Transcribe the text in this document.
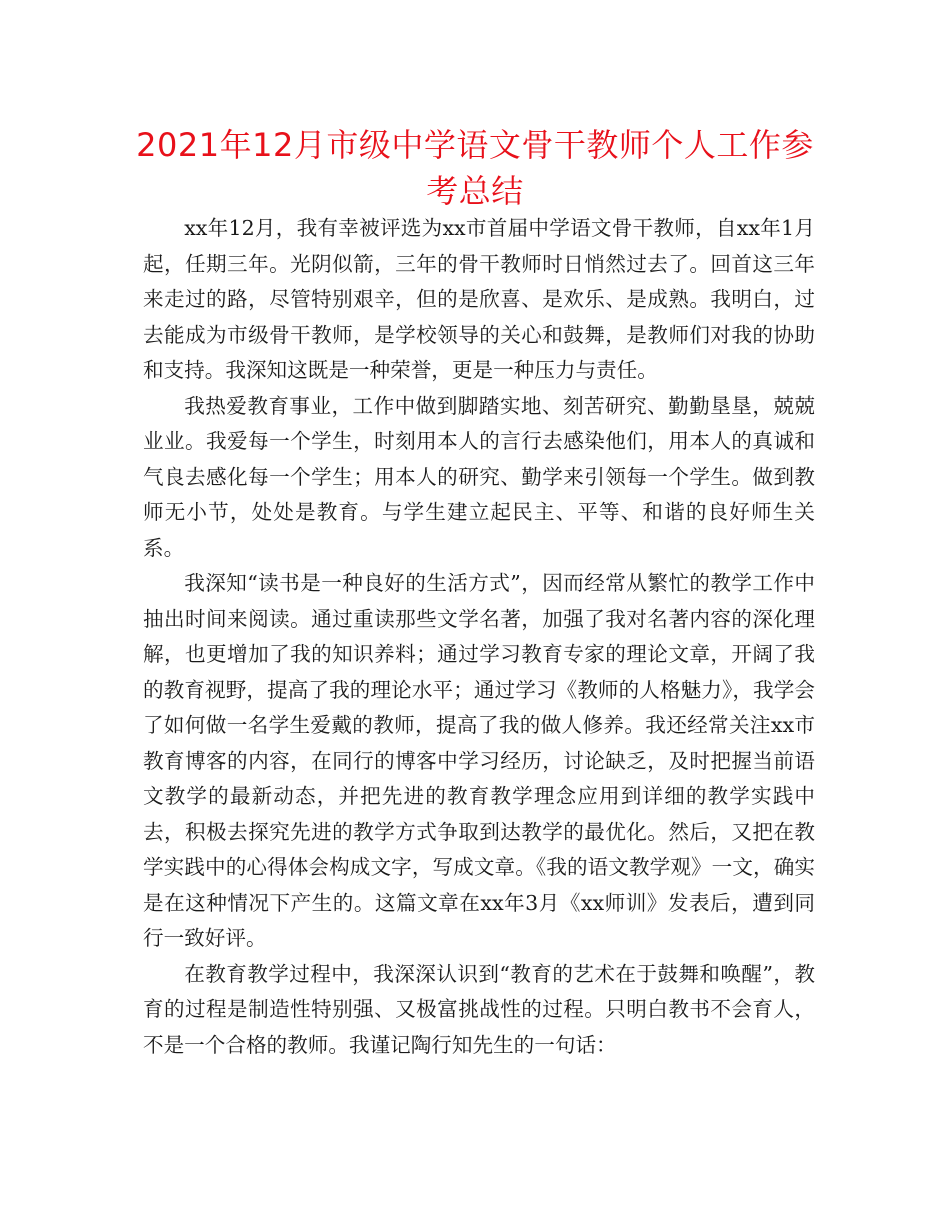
2021年12月市级中学语文骨干教师个人工作参考总结

xx年12月，我有幸被评选为xx市首届中学语文骨干教师，自xx年1月起，任期三年。光阴似箭，三年的骨干教师时日悄然过去了。回首这三年来走过的路，尽管特别艰辛，但的是欣喜、是欢乐、是成熟。我明白，过去能成为市级骨干教师，是学校领导的关心和鼓舞，是教师们对我的协助和支持。我深知这既是一种荣誉，更是一种压力与责任。

我热爱教育事业，工作中做到脚踏实地、刻苦研究、勤勤垦垦，兢兢业业。我爱每一个学生，时刻用本人的言行去感染他们，用本人的真诚和气良去感化每一个学生；用本人的研究、勤学来引领每一个学生。做到教师无小节，处处是教育。与学生建立起民主、平等、和谐的良好师生关系。

我深知“读书是一种良好的生活方式”，因而经常从繁忙的教学工作中抽出时间来阅读。通过重读那些文学名著，加强了我对名著内容的深化理解，也更增加了我的知识养料；通过学习教育专家的理论文章，开阔了我的教育视野，提高了我的理论水平；通过学习《教师的人格魅力》，我学会了如何做一名学生爱戴的教师，提高了我的做人修养。我还经常关注xx市教育博客的内容，在同行的博客中学习经历，讨论缺乏，及时把握当前语文教学的最新动态，并把先进的教育教学理念应用到详细的教学实践中去，积极去探究先进的教学方式争取到达教学的最优化。然后，又把在教学实践中的心得体会构成文字，写成文章。《我的语文教学观》一文，确实是在这种情况下产生的。这篇文章在xx年3月《xx师训》发表后，遭到同行一致好评。

在教育教学过程中，我深深认识到“教育的艺术在于鼓舞和唤醒”，教育的过程是制造性特别强、又极富挑战性的过程。只明白教书不会育人，不是一个合格的教师。我谨记陶行知先生的一句话：
